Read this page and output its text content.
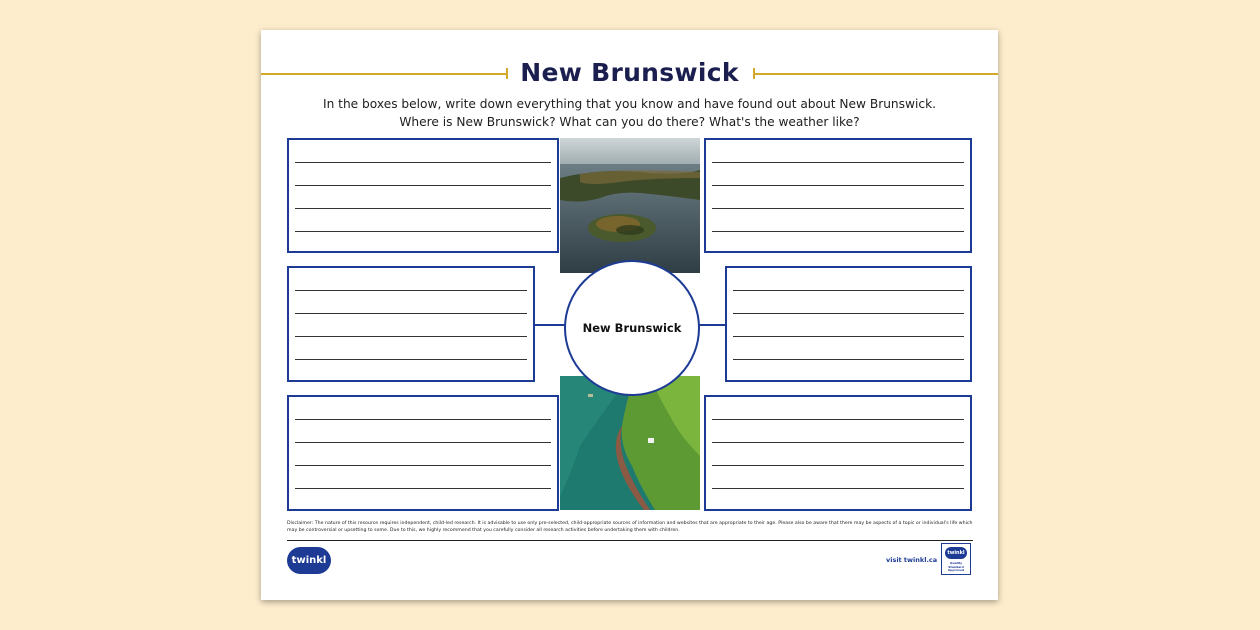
New Brunswick
In the boxes below, write down everything that you know and have found out about New Brunswick.
Where is New Brunswick? What can you do there? What's the weather like?
New Brunswick
Disclaimer: The nature of this resource requires independent, child-led research. It is advisable to use only pre-selected, child-appropriate sources of information and websites that are appropriate to their age. Please also be aware that there may be aspects of a topic or individual's life which may be controversial or upsetting to some. Due to this, we highly recommend that you carefully consider all research activities before undertaking them with children.
twinkl	visit twinkl.ca
twinkl
Quality Standard Approved
